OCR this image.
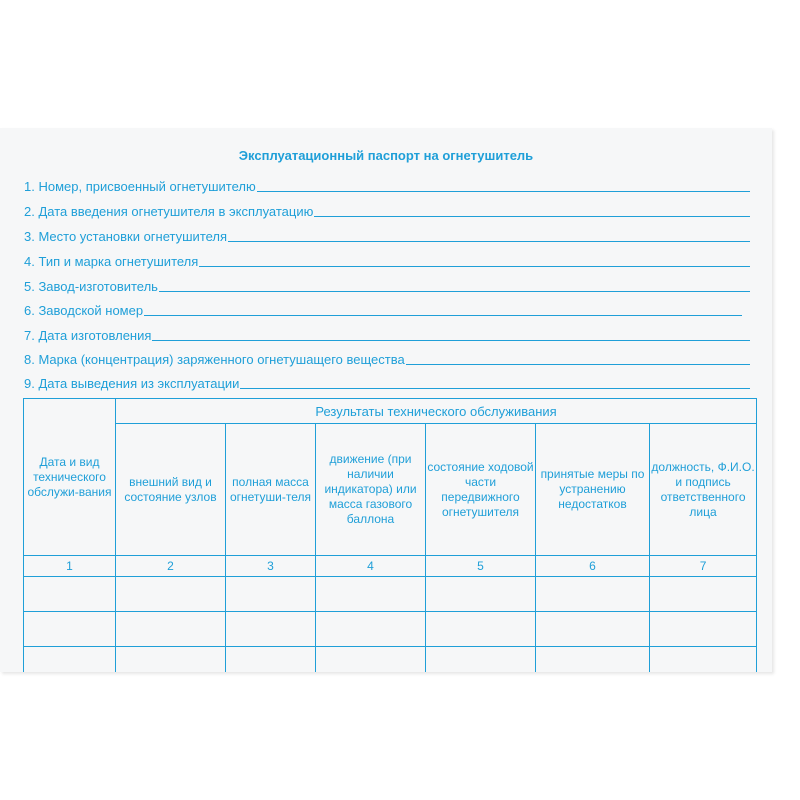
Эксплуатационный паспорт на огнетушитель
1. Номер, присвоенный огнетушителю
2. Дата введения огнетушителя в эксплуатацию
3. Место установки огнетушителя
4. Тип и марка огнетушителя
5. Завод-изготовитель
6. Заводской номер
7. Дата изготовления
8. Марка (концентрация) заряженного огнетушащего вещества
9. Дата выведения из эксплуатации
Дата и вид технического обслужи-вания	Результаты технического обслуживания					
	внешний вид и состояние узлов	полная масса огнетуши-теля	движение (при наличии индикатора) или масса газового баллона	состояние ходовой части передвижного огнетушителя	принятые меры по устранению недостатков	должность, Ф.И.О. и подпись ответственного лица
1	2	3	4	5	6	7
